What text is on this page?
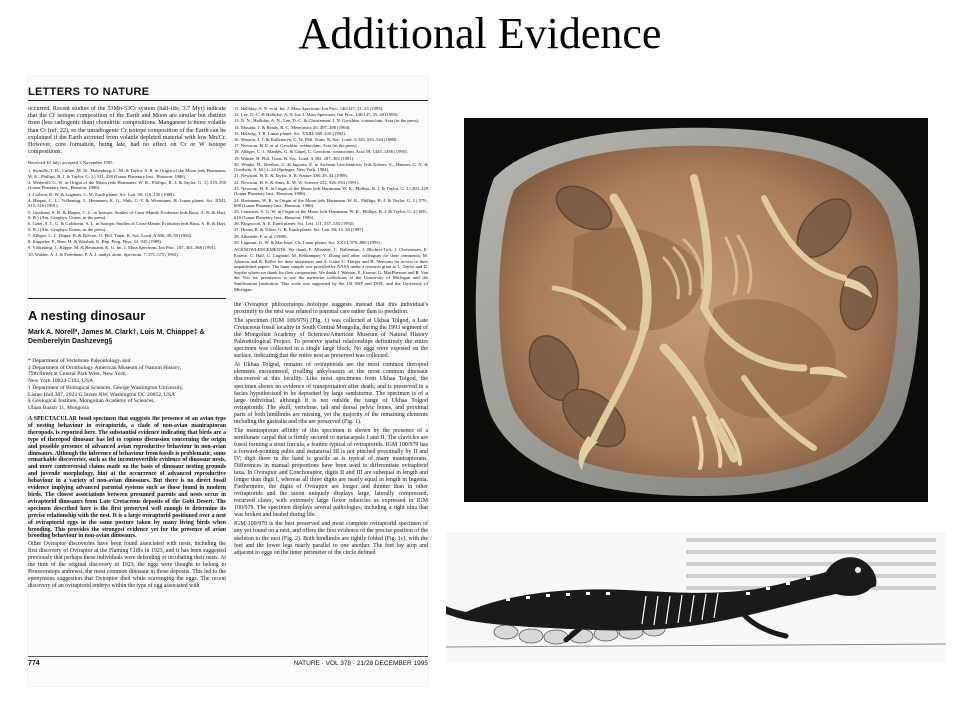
Additional Evidence
LETTERS TO NATURE

occurred. Recent studies of the 53Mn-53Cr system (half-life, 3.7 Myr) indicate that the Cr isotope composition of the Earth and Moon are similar but distinct from (less radiogenic than) chondritic compositions. Manganese is more volatile than Cr (ref. 22), so the unradiogenic Cr isotope composition of the Earth can be explained if the Earth accreted from volatile depleted material with low Mn/Cr. However, core formation, being late, had no effect on Cr or W isotope compositions.

Received 10 July; accepted 3 November 1995.

1. Swindle, T. D., Caffee, M. W., Hohenberg, C. M. & Taylor, S. R. in Origin of the Moon (eds Hartmann, W. K., Phillips, R. J. & Taylor, G. J.) 331–358 (Lunar Planetary Inst., Houston, 1986).
2. Wetherill, G. W. in Origin of the Moon (eds Hartmann, W. K., Phillips, R. J. & Taylor, G. J.) 519–550 (Lunar Planetary Inst., Houston, 1986).
3. Carlson, R. W. & Lugmair, G. W. Earth planet. Sci. Lett. 90, 119–130 (1988).
4. Harper, C. L., Volkening, J., Heumann, K. G., Shih, C.-Y. & Wiesmann, H. Lunar planet. Sci. XXII, 515–516 (1991).
5. Jacobsen, S. B. & Harper, C. L. in Isotopic Studies of Crust-Mantle Evolution (eds Basu, A. R. & Hart, S. R.) (Am. Geophys. Union, in the press).
6. Gaier, S. J., G. & Goldstein, S. L. in Isotopic Studies of Crust-Mantle Evolution (eds Basu, A. R. & Hart, S. R.) (Am. Geophys. Union, in the press).
7. Allegre, C. J., Dupré, B. & Brévart, O. Phil. Trans. R. Soc. Lond. A 306, 49–59 (1982).
8. Käppeler, F., Beer, H. & Wisshak, K. Rep. Prog. Phys. 52, 945 (1989).
9. Völkening, J., Köppe, M. & Heumann, K. G. Int. J. Mass Spectrom. Ion Proc. 107, 361–368 (1991).
10. Walder, A. J. & Freedman, P. A. J. analyt. atom. Spectrom. 7, 571–575 (1992).
11. Halliday, A. N. et al. Int. J. Mass Spectrom. Ion Proc. 146/147, 21–33 (1995).
12. Lee, D.-C. & Halliday, A. N. Int. J. Mass Spectrom. Ion Proc. 146/147, 35–40 (1995).
13. N. N., Halliday, A. N., Lee, D.-C. & Christensen, J. N. Geochim. cosmochim. Acta (in the press).
14. Masuda, J. & Ready, R. C. Meteoritics 26, 497–498 (1994).
15. Hellwig, T. R. Lunar planet. Sci. XXIII, 609–610 (1992).
16. Wasson, J. T. & Kallemeyn, G. W. Phil. Trans. R. Soc. Lond. A 325, 535–544 (1988).
17. Newsom, H. E. et al. Geochim. cosmochim. Acta (in the press).
18. Allègre, C. J., Manhès, G. & Göpel, C. Geochim. cosmochim. Acta 59, 1445–1456 (1995).
19. Wänke, H. Phil. Trans. R. Soc. Lond. A 303, 287–302 (1981).
20. Wänke, H., Dreibus, G. & Jagoutz, E. in Archean Geochemistry (eds Kröner, A., Hanson, G. N. & Goodwin, A. M.) 1–24 (Springer, New York, 1984).
21. Newsom, H. E. & Taylor, S. R. Nature 338, 29–34 (1989).
22. Newsom, H. E. & Sims, K. W. W. Science 252, 926–933 (1991).
23. Newsom, H. E. in Origin of the Moon (eds Hartmann, W. K., Phillips, R. J. & Taylor, G. J.) 203–229 (Lunar Planetary Inst., Houston, 1986).
24. Hartmann, W. K. in Origin of the Moon (eds Hartmann, W. K., Phillips, R. J. & Taylor, G. J.) 579–608 (Lunar Planetary Inst., Houston, 1986).
25. Cameron, A. G. W. in Origin of the Moon (eds Hartmann, W. K., Phillips, R. J. & Taylor, G. J.) 609–616 (Lunar Planetary Inst., Houston, 1986).
26. Ringwood, A. E. Earth planet. Sci. Lett. 111, 537–555 (1992).
27. Horan, B. & Tilton, G. R. Earth planet. Sci. Lett. 84, 15–30 (1987).
28. Albarède, F. et al. (1988).
29. Lugmair, G. W. & MacIsaac, Ch. Lunar planet. Sci. XXVI, 879–880 (1995).
ACKNOWLEDGEMENTS. We thank F. Albarède, C. Ballentine, J. Blichert-Toft, J. Christensen, E. Essene, C. Hall, G. Lugmair, M. Rehkämper, Y. Zhang and other colleagues for their comments; M. Johnson and R. Keller for their assistance; and S. Gaier, C. Harper and H. Newsom for access to their unpublished papers. The lunar sample was provided by NASA under a research grant to L. Taylor and D. Snyder whom we thank for their cooperation. We thank J. Wasson, E. Essene, G. MacPherson and R. Van der Voo for permission to use the meteorite collections at the University of Michigan and the Smithsonian Institution. This work was supported by the US NSF and DOE, and the University of Michigan.
A nesting dinosaur
Mark A. Norell*, James M. Clark†, Luis M. Chiappe‡ & Demberelyin Dashzeveg§
* Department of Vertebrate Paleontology, and
‡ Department of Ornithology American Museum of Natural History,
79th Street at Central Park West, New York,
New York 10024-5192, USA
† Department of Biological Sciences, George Washington University,
Lisner Hall 307, 2023 G Street NW, Washington DC 20052, USA
§ Geological Institute, Mongolian Academy of Sciences,
Ulaan Baatar 11, Mongolia
A SPECTACULAR fossil specimen that suggests the presence of an avian type of nesting behaviour in oviraptorids, a clade of non-avian maniraptoran theropods, is reported here. The substantial evidence indicating that birds are a type of theropod dinosaur has led to copious discussion concerning the origin and possible presence of advanced avian reproductive behaviour in non-avian dinosaurs. Although the inference of behaviour from fossils is problematic, some remarkable discoveries, such as the incontrovertible evidence of dinosaur nests, and more controversial claims made on the basis of dinosaur nesting grounds and juvenile morphology, hint at the occurrence of advanced reproductive behaviour in a variety of non-avian dinosaurs. But there is no direct fossil evidence implying advanced parental systems such as those found in modern birds. The closest associations between presumed parents and nests occur in oviraptorid dinosaurs from Late Cretaceous deposits of the Gobi Desert. The specimen described here is the first preserved well enough to determine its precise relationship with the nest. It is a large oviraptorid positioned over a nest of oviraptorid eggs in the same posture taken by many living birds when brooding. This provides the strongest evidence yet for the presence of avian brooding behaviour in non-avian dinosaurs.
Other Oviraptor discoveries have been found associated with nests, including the first discovery of Oviraptor at the Flaming Cliffs in 1923, and it has been suggested previously that perhaps these individuals were defending or incubating their nests. At the time of the original discovery in 1923, the eggs were thought to belong to Protoceratops andrewsi, the most common dinosaur in those deposits. This led to the eponymous suggestion that Oviraptor died while scavenging the eggs. The recent discovery of an oviraptorid embryo within the type of egg associated with

the Oviraptor philoceratops holotype suggests instead that this individual's proximity to the nest was related to parental care rather than to predation.

The specimen (IGM 100/979) (Fig. 1) was collected at Ukhaa Tolgod, a Late Cretaceous fossil locality in South Central Mongolia, during the 1993 segment of the Mongolian Academy of Sciences/American Museum of Natural History Paleontological Project. To preserve spatial relationships definitively the entire specimen was collected in a single large block. No eggs were exposed on the surface, indicating that the entire nest as preserved was collected.

At Ukhaa Tolgod, remains of oviraptorids are the most common theropod elements encountered, rivalling ankylosaurs as the most common dinosaur discovered at this locality. Like most specimens from Ukhaa Tolgod, the specimen shows no evidence of transportation after death, and is preserved in a facies hypothesized to be deposited by large sandstorms. The specimen is of a large individual, although it is not outside the range of Ukhaa Tolgod oviraptorids. The skull, vertebrae, tail and dorsal pelvic bones, and proximal parts of both hindlimbs are missing, yet the majority of the remaining elements including the gastralia and ribs are preserved (Fig. 1).

The maniraptoran affinity of this specimen is shown by the presence of a semilunate carpal that is firmly secured to metacarpals I and II. The clavicles are fused forming a stout furcula, a feature typical of oviraptorids. IGM 100/979 has a forward-pointing pubis and metatarsal III is not pinched proximally by II and IV; digit three in the hand is gracile as is typical of many maniraptorans. Differences in manual proportions have been used to differentiate oviraptorid taxa. In Oviraptor and Conchoraptor, digits II and III are subequal in length and longer than digit I, whereas all three digits are nearly equal in length in Ingenia. Furthermore, the digits of Oviraptor are longer and thinner than in other oviraptorids and the taxon uniquely displays large, laterally compressed, recurved claws, with extremely large flexor tubercles as expressed in IGM 100/979. The specimen displays several pathologies, including a right ulna that was broken and healed during life.

IGM 100/979 is the best preserved and most complete oviraptorid specimen of any yet found on a nest, and offers the first evidence of the precise position of the skeleton to the nest (Fig. 2). Both hindlimbs are tightly folded (Fig. 1c), with the feet and the lower legs nearly parallel to one another. The feet lay atop and adjacent to eggs on the inner perimeter of the circle defined

774	NATURE · VOL 378 · 21/28 DECEMBER 1995
